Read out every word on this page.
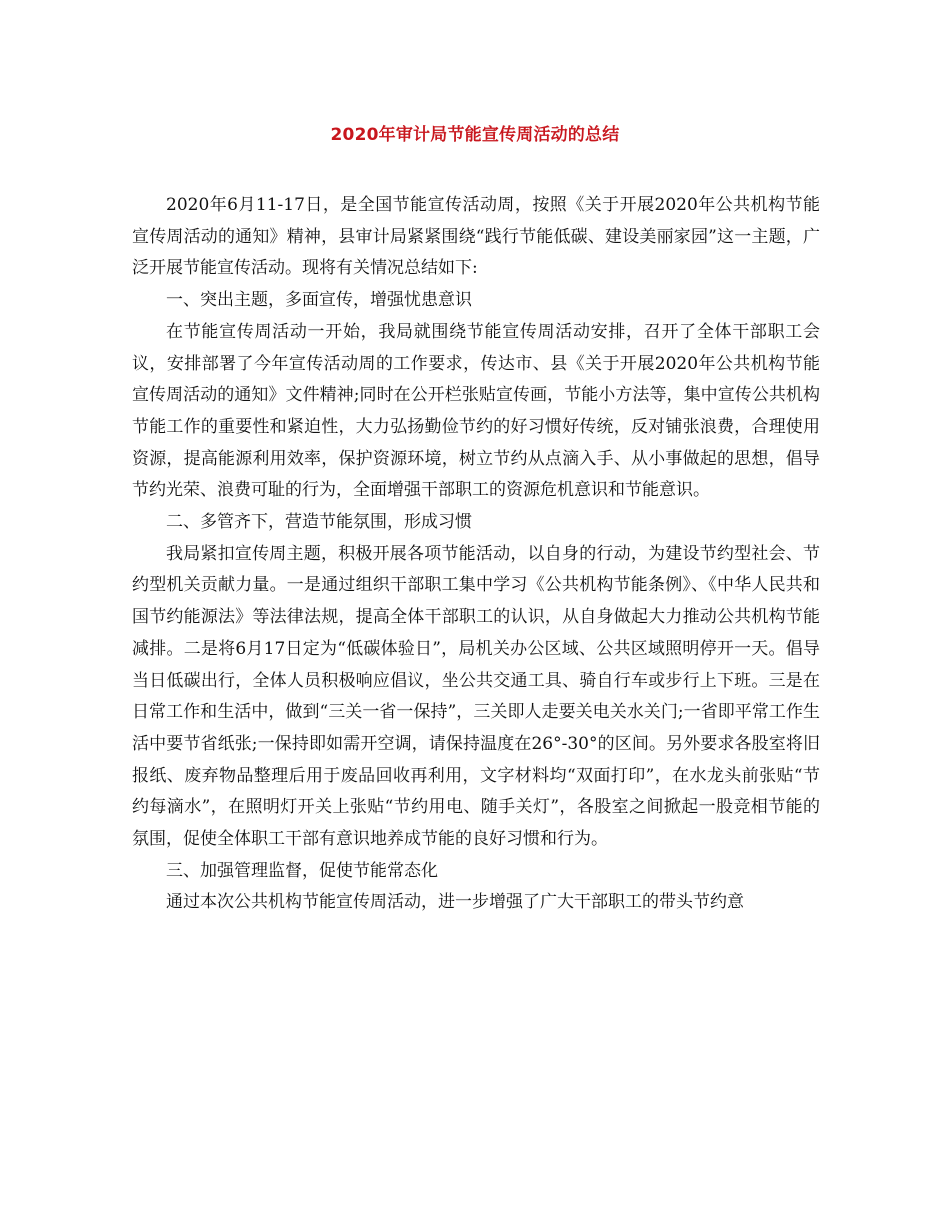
2020年审计局节能宣传周活动的总结

2020年6月11-17日，是全国节能宣传活动周，按照《关于开展2020年公共机构节能宣传周活动的通知》精神，县审计局紧紧围绕“践行节能低碳、建设美丽家园”这一主题，广泛开展节能宣传活动。现将有关情况总结如下:

一、突出主题，多面宣传，增强忧患意识

在节能宣传周活动一开始，我局就围绕节能宣传周活动安排，召开了全体干部职工会议，安排部署了今年宣传活动周的工作要求，传达市、县《关于开展2020年公共机构节能宣传周活动的通知》文件精神;同时在公开栏张贴宣传画，节能小方法等，集中宣传公共机构节能工作的重要性和紧迫性，大力弘扬勤俭节约的好习惯好传统，反对铺张浪费，合理使用资源，提高能源利用效率，保护资源环境，树立节约从点滴入手、从小事做起的思想，倡导节约光荣、浪费可耻的行为，全面增强干部职工的资源危机意识和节能意识。

二、多管齐下，营造节能氛围，形成习惯

我局紧扣宣传周主题，积极开展各项节能活动，以自身的行动，为建设节约型社会、节约型机关贡献力量。一是通过组织干部职工集中学习《公共机构节能条例》、《中华人民共和国节约能源法》等法律法规，提高全体干部职工的认识，从自身做起大力推动公共机构节能减排。二是将6月17日定为“低碳体验日”，局机关办公区域、公共区域照明停开一天。倡导当日低碳出行，全体人员积极响应倡议，坐公共交通工具、骑自行车或步行上下班。三是在日常工作和生活中，做到“三关一省一保持”，三关即人走要关电关水关门;一省即平常工作生活中要节省纸张;一保持即如需开空调，请保持温度在26°-30°的区间。另外要求各股室将旧报纸、废弃物品整理后用于废品回收再利用，文字材料均“双面打印”，在水龙头前张贴“节约每滴水”，在照明灯开关上张贴“节约用电、随手关灯”，各股室之间掀起一股竞相节能的氛围，促使全体职工干部有意识地养成节能的良好习惯和行为。

三、加强管理监督，促使节能常态化

通过本次公共机构节能宣传周活动，进一步增强了广大干部职工的带头节约意
